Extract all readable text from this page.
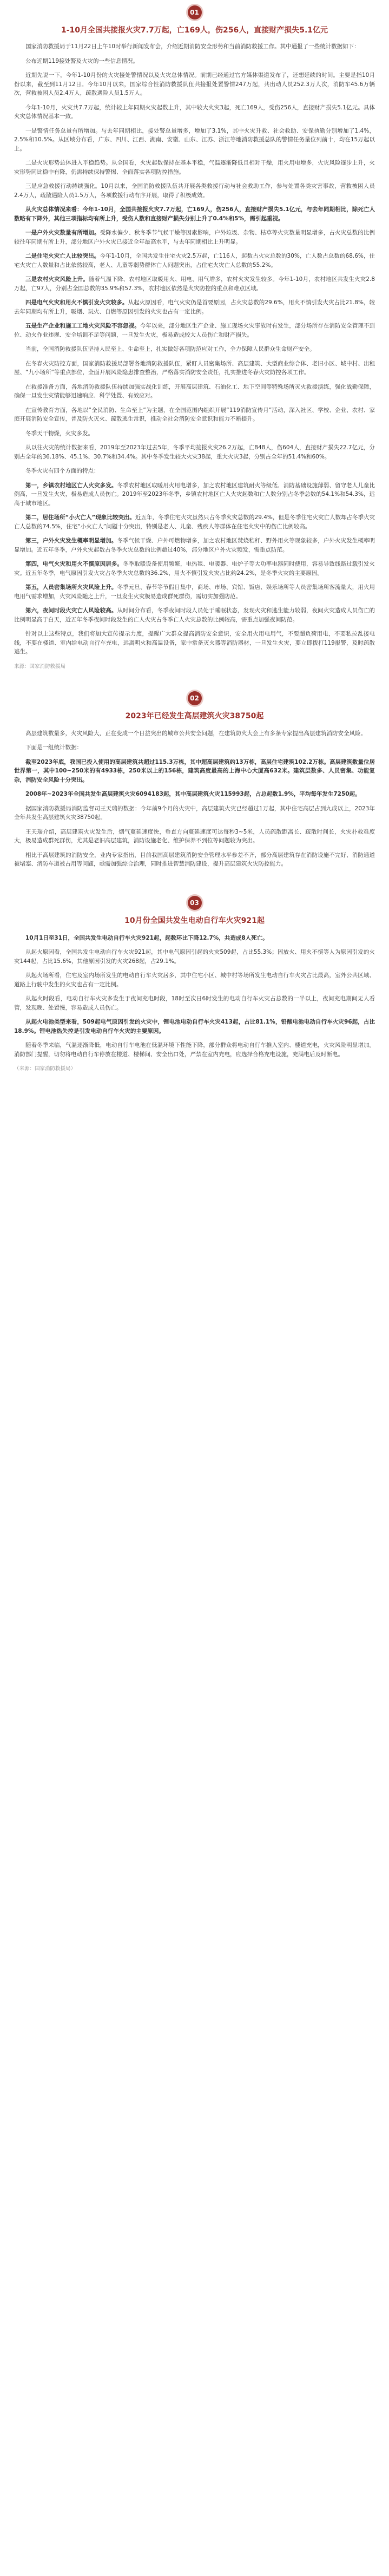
01
1-10月全国共接报火灾7.7万起，亡169人，伤256人，直接财产损失5.1亿元

国家消防救援局于11月22日上午10时举行新闻发布会，介绍近期消防安全形势和当前消防救援工作。其中通报了一些统计数据如下：

公布近期119接处警及火灾的一些信息情况。

近期先说一下，今年1-10月份的火灾接处警情况以及火灾总体情况。前期已经通过官方媒体渠道发布了，还想延续的时间。主要是指10月份以来，截至到11月12日。今年10月以来，国家综合性消防救援队伍共接报处置警情247万起，共出动人员252.3万人次，消防车45.6万辆次，营救被困人员2.4万人，疏散遇险人员1.5万人。

今年1-10月，火灾共7.7万起，统计较上年同期火灾起数上升，其中较大火灾3起，死亡169人，受伤256人，直接财产损失5.1亿元。具体火灾总体情况基本一致。

一是警情任务总量有所增加。与去年同期相比，接处警总量增多，增加了3.1%，其中火灾升救、社会救助、安保执勤分别增加了1.4%，2.5%和10.5%。从区域分布看，广东、四川、江西、湖南、安徽、山东、江苏、浙江等地消防救援总队的警情任务量位列前十，均在15万起以上。

二是火灾形势总体进入平稳趋势。从全国看，火灾起数保持在基本平稳，气温逐渐降低且相对干燥，用火用电增多，火灾风险逐步上升，火灾形势同比稳中有降，仍需持续保持警惕、全面落实各项防控措施。

三是应急救援行动持续强化。10月以来，全国消防救援队伍共开展各类救援行动与社会救助工作，参与处置各类灾害事故，营救被困人员2.4万人，疏散遇险人员1.5万人，各项救援行动有序开展，取得了积极成效。

从火灾总体情况来看：今年1-10月，全国共接报火灾7.7万起，亡169人，伤256人，直接财产损失5.1亿元，与去年同期相比，除死亡人数略有下降外，其他三项指标均有所上升，受伤人数和直接财产损失分别上升了0.4%和5%，需引起重视。

一是户外火灾数量有所增加。受降水偏少、秋冬季节气候干燥等因素影响，户外垃圾、杂物、枯草等火灾数量明显增多，占火灾总数的比例较往年同期有所上升，部分地区户外火灾已接近全年最高水平，与去年同期相比上升明显。

二是住宅火灾亡人比较突出。今年1-10月，全国共发生住宅火灾2.5万起，亡116人，起数占火灾总数的30%，亡人数占总数的68.6%，住宅火灾亡人数量和占比依然较高，老人、儿童等弱势群体亡人问题突出，占住宅火灾亡人总数的55.2%。

三是农村火灾风险上升。随着气温下降、农村地区取暖用火、用电、用气增多，农村火灾发生较多。今年1-10月，农村地区共发生火灾2.8万起，亡97人，分别占全国总数的35.9%和57.3%，农村地区依然是火灾防控的重点和难点区域。

四是电气火灾和用火不慎引发火灾较多。从起火原因看，电气火灾仍是首要原因，占火灾总数的29.6%，用火不慎引发火灾占比21.8%，较去年同期均有所上升，吸烟、玩火、自燃等原因引发的火灾也占有一定比例。

五是生产企业和施工工地火灾风险不容忽视。今年以来，部分地区生产企业、施工现场火灾事故时有发生，部分场所存在消防安全管理不到位、动火作业违规、安全培训不足等问题，一旦发生火灾，极易造成较大人员伤亡和财产损失。

当前，全国消防救援队伍坚持人民至上、生命至上，扎实做好各项防范应对工作，全力保障人民群众生命财产安全。

在冬春火灾防控方面，国家消防救援局部署各地消防救援队伍，紧盯人员密集场所、高层建筑、大型商业综合体、老旧小区、城中村、出租屋、“九小场所”等重点部位，全面开展风险隐患排查整治，严格落实消防安全责任，扎实推进冬春火灾防控各项工作。

在救援准备方面，各地消防救援队伍持续加强实战化训练，开展高层建筑、石油化工、地下空间等特殊场所灭火救援演练，强化战勤保障，确保一旦发生灾情能够迅速响应、科学处置、有效应对。

在宣传教育方面，各地以“全民消防、生命至上”为主题，在全国范围内组织开展“119消防宣传月”活动，深入社区、学校、企业、农村、家庭开展消防安全宣传，普及防火灭火、疏散逃生常识，推动全社会消防安全意识和能力不断提升。

冬季天干物燥，火灾多发。

从以往火灾的统计数据来看，2019年至2023年过去5年，冬季平均接报火灾26.2万起，亡848人，伤604人，直接财产损失22.7亿元，分别占全年的36.18%、45.1%、30.7%和34.4%。其中冬季发生较大火灾38起，重大火灾3起，分别占全年的51.4%和60%。

冬季火灾有四个方面的特点：

第一，乡镇农村地区亡人火灾多发。冬季农村地区取暖用火用电增多，加之农村地区建筑耐火等级低、消防基础设施薄弱、留守老人儿童比例高，一旦发生火灾，极易造成人员伤亡。2019年至2023年冬季，乡镇农村地区亡人火灾起数和亡人数分别占冬季总数的54.1%和54.3%，远高于城市地区。

第二，居住场所“小火亡人”现象比较突出。近五年，冬季住宅火灾虽然只占冬季火灾总数的29.4%，但是冬季住宅火灾亡人数却占冬季火灾亡人总数的74.5%，住宅“小火亡人”问题十分突出，特别是老人、儿童、残疾人等群体在住宅火灾中的伤亡比例较高。

第三，户外火灾发生概率明显增加。冬季气候干燥、户外可燃物增多，加之农村地区焚烧秸秆、野外用火等现象较多，户外火灾发生概率明显增加。近五年冬季，户外火灾起数占冬季火灾总数的比例超过40%，部分地区户外火灾频发，需重点防范。

第四，电气火灾和用火不慎原因居多。冬季取暖设备使用频繁，电热毯、电暖器、电炉子等大功率电器同时使用，容易导致线路过载引发火灾。近五年冬季，电气原因引发火灾占冬季火灾总数的36.2%，用火不慎引发火灾占比约24.2%，是冬季火灾的主要原因。

第五，人员密集场所火灾风险上升。冬季元旦、春节等节假日集中，商场、市场、宾馆、饭店、娱乐场所等人员密集场所客流量大，用火用电用气需求增加，火灾风险随之上升，一旦发生火灾极易造成群死群伤，需切实加强防范。

第六，夜间时段火灾亡人风险较高。从时间分布看，冬季夜间时段人员处于睡眠状态，发现火灾和逃生能力较弱，夜间火灾造成人员伤亡的比例明显高于白天，近五年冬季夜间时段发生的亡人火灾占冬季亡人火灾总数的比例较高，需重点加强夜间防范。

针对以上这些特点，我们将加大宣传提示力度，提醒广大群众提高消防安全意识，安全用火用电用气，不要超负荷用电，不要私拉乱接电线，不要在楼道、室内给电动自行车充电，远离明火和高温设备，家中常备灭火器等消防器材，一旦发生火灾，要立即拨打119报警，及时疏散逃生。

来源：国家消防救援局
02
2023年已经发生高层建筑火灾38750起

高层建筑数量多，火灾风险大，正在变成一个日益突出的城市公共安全问题，在建筑防火大会上有多条专家提出高层建筑消防安全风险。

下面是一组统计数据：

截至2023年底，我国已投入使用的高层建筑共超过115.3万栋，其中超高层建筑约13万栋，高层住宅建筑102.2万栋。高层建筑数量位居世界第一，其中100~250米的有4933栋，250米以上的156栋，建筑高度最高的上海中心大厦高632米。建筑层数多、人员密集、功能复杂，消防安全风险十分突出。

2008年~2023年全国共发生高层建筑火灾6094183起，其中高层建筑火灾115993起，占总起数1.9%，平均每年发生7250起。

据国家消防救援局消防监督司王天瑞的数据：今年前9个月的火灾中，高层建筑火灾已经超过1万起，其中住宅高层占到九成以上，2023年全年共发生高层建筑火灾38750起。

王天瑞介绍，高层建筑火灾发生后，烟气蔓延速度快，垂直方向蔓延速度可达每秒3~5米，人员疏散距离长、疏散时间长，火灾扑救难度大，极易造成群死群伤，尤其是老旧高层建筑，消防设施老化、维护保养不到位等问题较为突出。

相比于高层建筑的消防安全，业内专家指出，目前我国高层建筑消防安全管理水平参差不齐，部分高层建筑存在消防设施不完好、消防通道被堵塞、消防车道被占用等问题，亟需加强综合治理，同时推进智慧消防建设，提升高层建筑火灾防控能力。

03
10月份全国共发生电动自行车火灾921起

10月1日至31日，全国共发生电动自行车火灾921起，起数环比下降12.7%，共造成8人死亡。

从起火原因看，全国共发生电动自行车火灾921起，其中电气原因引起的火灾509起，占比55.3%；因放火、用火不慎等人为原因引发的火灾144起，占比15.6%，其他原因引发的火灾268起，占29.1%。

从起火场所看，住宅及室内场所发生的电动自行车火灾居多，其中住宅小区、城中村等场所发生电动自行车火灾占比最高，室外公共区域、道路上行驶中发生的火灾也占有一定比例。

从起火时段看，电动自行车火灾多发生于夜间充电时段，18时至次日6时发生的电动自行车火灾占总数的一半以上，夜间充电期间无人看管，发现晚、处置慢，容易造成人员伤亡。

从起火电池类型来看，509起电气原因引发的火灾中，锂电池电动自行车火灾413起，占比81.1%，铅酸电池电动自行车火灾96起，占比18.9%。锂电池热失控是引发电动自行车火灾的主要原因。

随着冬季来临，气温逐渐降低，电动自行车电池在低温环境下性能下降，部分群众将电动自行车推入室内、楼道充电，火灾风险明显增加。消防部门提醒，切勿将电动自行车停放在楼道、楼梯间、安全出口处，严禁在室内充电，应选择合格充电设施，充满电后及时断电。

（来源：国家消防救援局）
